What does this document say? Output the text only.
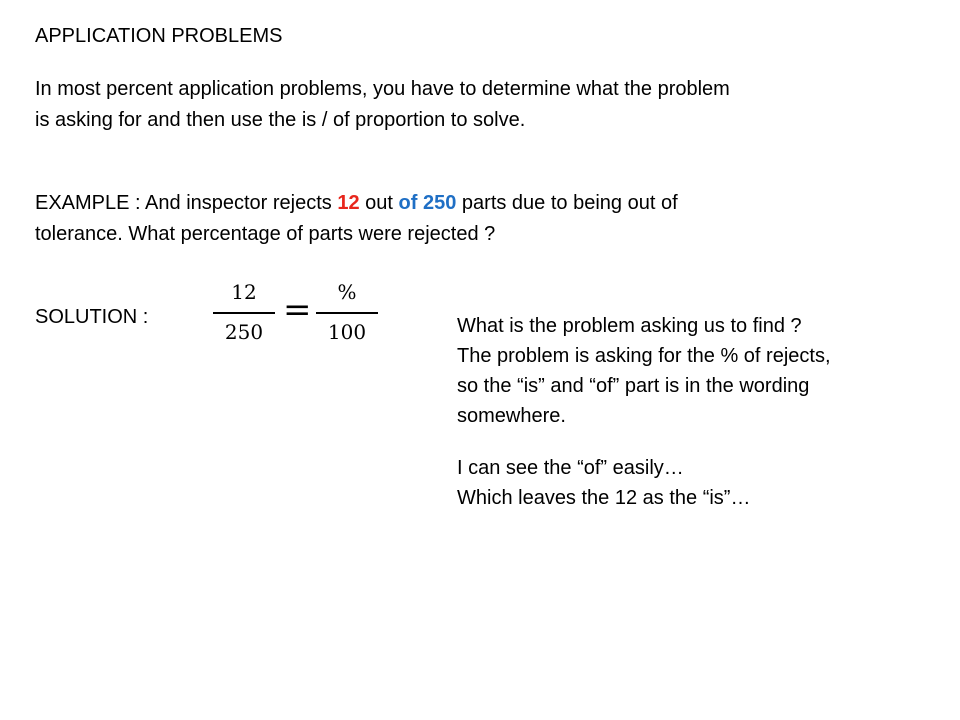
APPLICATION PROBLEMS
In most percent application problems, you have to determine what the problem
is asking for and then use the is / of proportion to solve.
EXAMPLE : And inspector rejects 12 out of 250 parts due to being out of
tolerance. What percentage of parts were rejected ?
SOLUTION :
12
250
=	%
100	What is the problem asking us to find ?
The problem is asking for the % of rejects,
so the “is” and “of” part is in the wording
somewhere.
I can see the “of” easily…
Which leaves the 12 as the “is”…
